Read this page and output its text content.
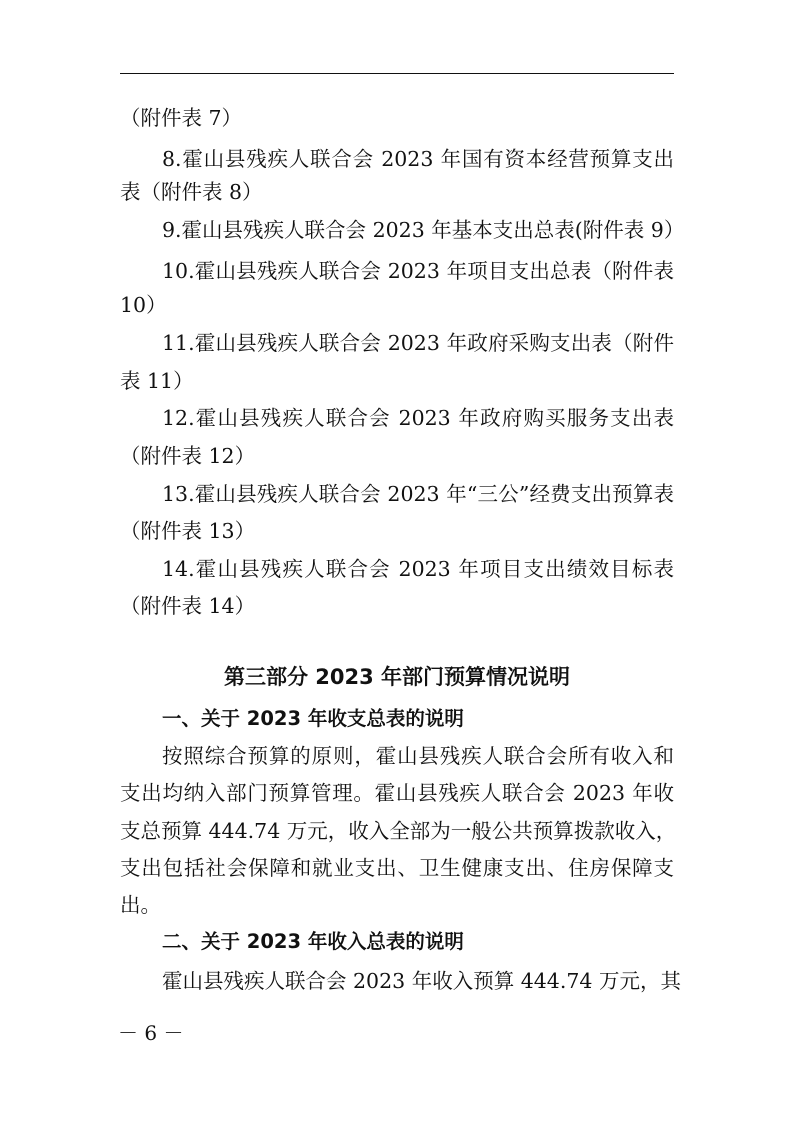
（附件表 7）
8.霍山县残疾人联合会 2023 年国有资本经营预算支出
表（附件表 8）
9.霍山县残疾人联合会 2023 年基本支出总表(附件表 9）
10.霍山县残疾人联合会 2023 年项目支出总表（附件表
10）
11.霍山县残疾人联合会 2023 年政府采购支出表（附件
表 11）
12.霍山县残疾人联合会 2023 年政府购买服务支出表
（附件表 12）
13.霍山县残疾人联合会 2023 年“三公”经费支出预算表
（附件表 13）
14.霍山县残疾人联合会 2023 年项目支出绩效目标表
（附件表 14）
第三部分 2023 年部门预算情况说明
一、关于 2023 年收支总表的说明
按照综合预算的原则，霍山县残疾人联合会所有收入和
支出均纳入部门预算管理。霍山县残疾人联合会 2023 年收
支总预算 444.74 万元，收入全部为一般公共预算拨款收入，
支出包括社会保障和就业支出、卫生健康支出、住房保障支
出。
二、关于 2023 年收入总表的说明
霍山县残疾人联合会 2023 年收入预算 444.74 万元，其
－ 6 －
